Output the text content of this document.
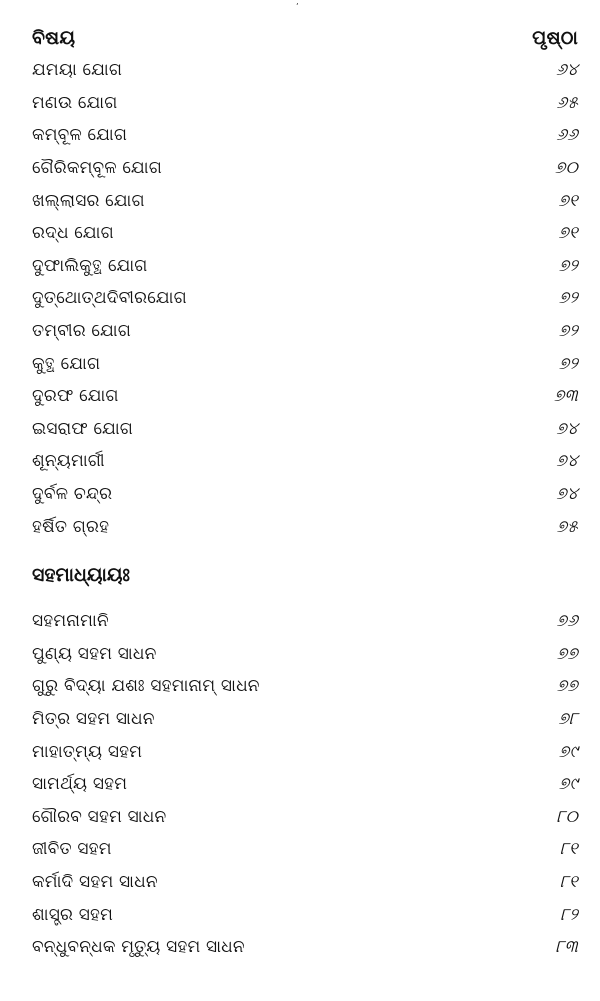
‚
ବିଷୟ	ପୃଷ୍ଠା
ଯମୟା ଯୋଗ	୬୪
ମଣଉ ଯୋଗ	୬୫
କମ୍ବୂଳ ଯୋଗ	୬୬
ଗୈରିକମ୍ବୂଳ ଯୋଗ	୭୦
ଖଲ୍ଲାସର ଯୋଗ	୭୧
ରଦ୍ଧ ଯୋଗ	୭୧
ଦୁଫାଲିକୁତ୍ଥ ଯୋଗ	୭୨
ଦୁତ୍‌ଥୋତ୍‌ଥଦିବୀରଯୋଗ	୭୨
ତମ୍ବୀର ଯୋଗ	୭୨
କୁତ୍ଥ ଯୋଗ	୭୨
ଦୁରଫ ଯୋଗ	୭୩
ଇସରାଫ ଯୋଗ	୭୪
ଶୂନ୍ୟମାର୍ଗୀ	୭୪
ଦୁର୍ବଳ ଚନ୍ଦ୍ର	୭୪
ହର୍ଷିତ ଗ୍ରହ	୭୫
ସହମାଧ୍ୟାୟଃ
ସହମନାମାନି	୭୬
ପୁଣ୍ୟ ସହମ ସାଧନ	୭୭
ଗୁରୁ ବିଦ୍ୟା ଯଶଃ ସହମାନାମ୍ ସାଧନ	୭୭
ମିତ୍ର ସହମ ସାଧନ	୭୮
ମାହାତ୍ମ୍ୟ ସହମ	୭୯
ସାମର୍ଥ୍ୟ ସହମ	୭୯
ଗୌରବ ସହମ ସାଧନ	୮୦
ଜୀବିତ ସହମ	୮୧
କର୍ମାଦି ସହମ ସାଧନ	୮୧
ଶାସ୍ତ୍ର ସହମ	୮୨
ବନ୍ଧୁବନ୍ଧକ ମୃତ୍ୟୁ ସହମ ସାଧନ	୮୩
